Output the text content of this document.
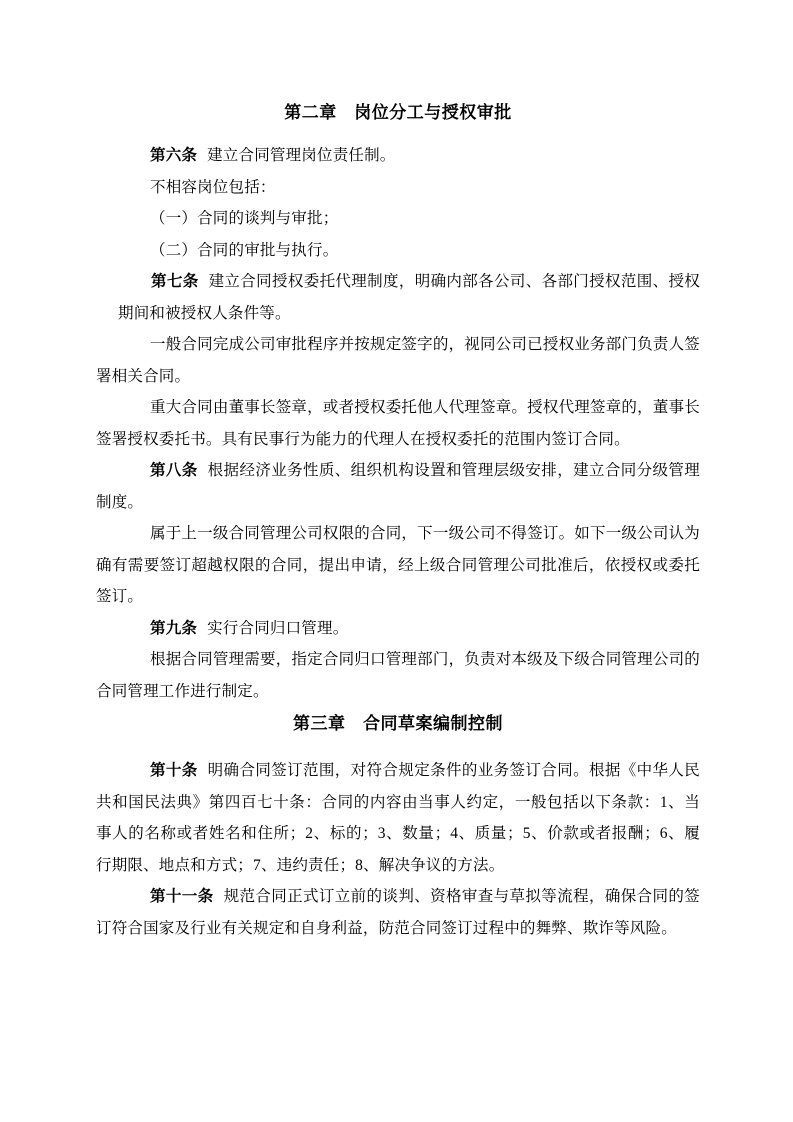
第二章　岗位分工与授权审批

第六条 建立合同管理岗位责任制。

不相容岗位包括：

（一）合同的谈判与审批；

（二）合同的审批与执行。

第七条 建立合同授权委托代理制度，明确内部各公司、各部门授权范围、授权期间和被授权人条件等。

一般合同完成公司审批程序并按规定签字的，视同公司已授权业务部门负责人签署相关合同。

重大合同由董事长签章，或者授权委托他人代理签章。授权代理签章的，董事长签署授权委托书。具有民事行为能力的代理人在授权委托的范围内签订合同。

第八条 根据经济业务性质、组织机构设置和管理层级安排，建立合同分级管理制度。

属于上一级合同管理公司权限的合同，下一级公司不得签订。如下一级公司认为确有需要签订超越权限的合同，提出申请，经上级合同管理公司批准后，依授权或委托签订。

第九条 实行合同归口管理。

根据合同管理需要，指定合同归口管理部门，负责对本级及下级合同管理公司的合同管理工作进行制定。

第三章　合同草案编制控制

第十条 明确合同签订范围，对符合规定条件的业务签订合同。根据《中华人民共和国民法典》第四百七十条：合同的内容由当事人约定，一般包括以下条款：1、当事人的名称或者姓名和住所；2、标的；3、数量；4、质量；5、价款或者报酬；6、履行期限、地点和方式；7、违约责任；8、解决争议的方法。

第十一条 规范合同正式订立前的谈判、资格审查与草拟等流程，确保合同的签订符合国家及行业有关规定和自身利益，防范合同签订过程中的舞弊、欺诈等风险。
